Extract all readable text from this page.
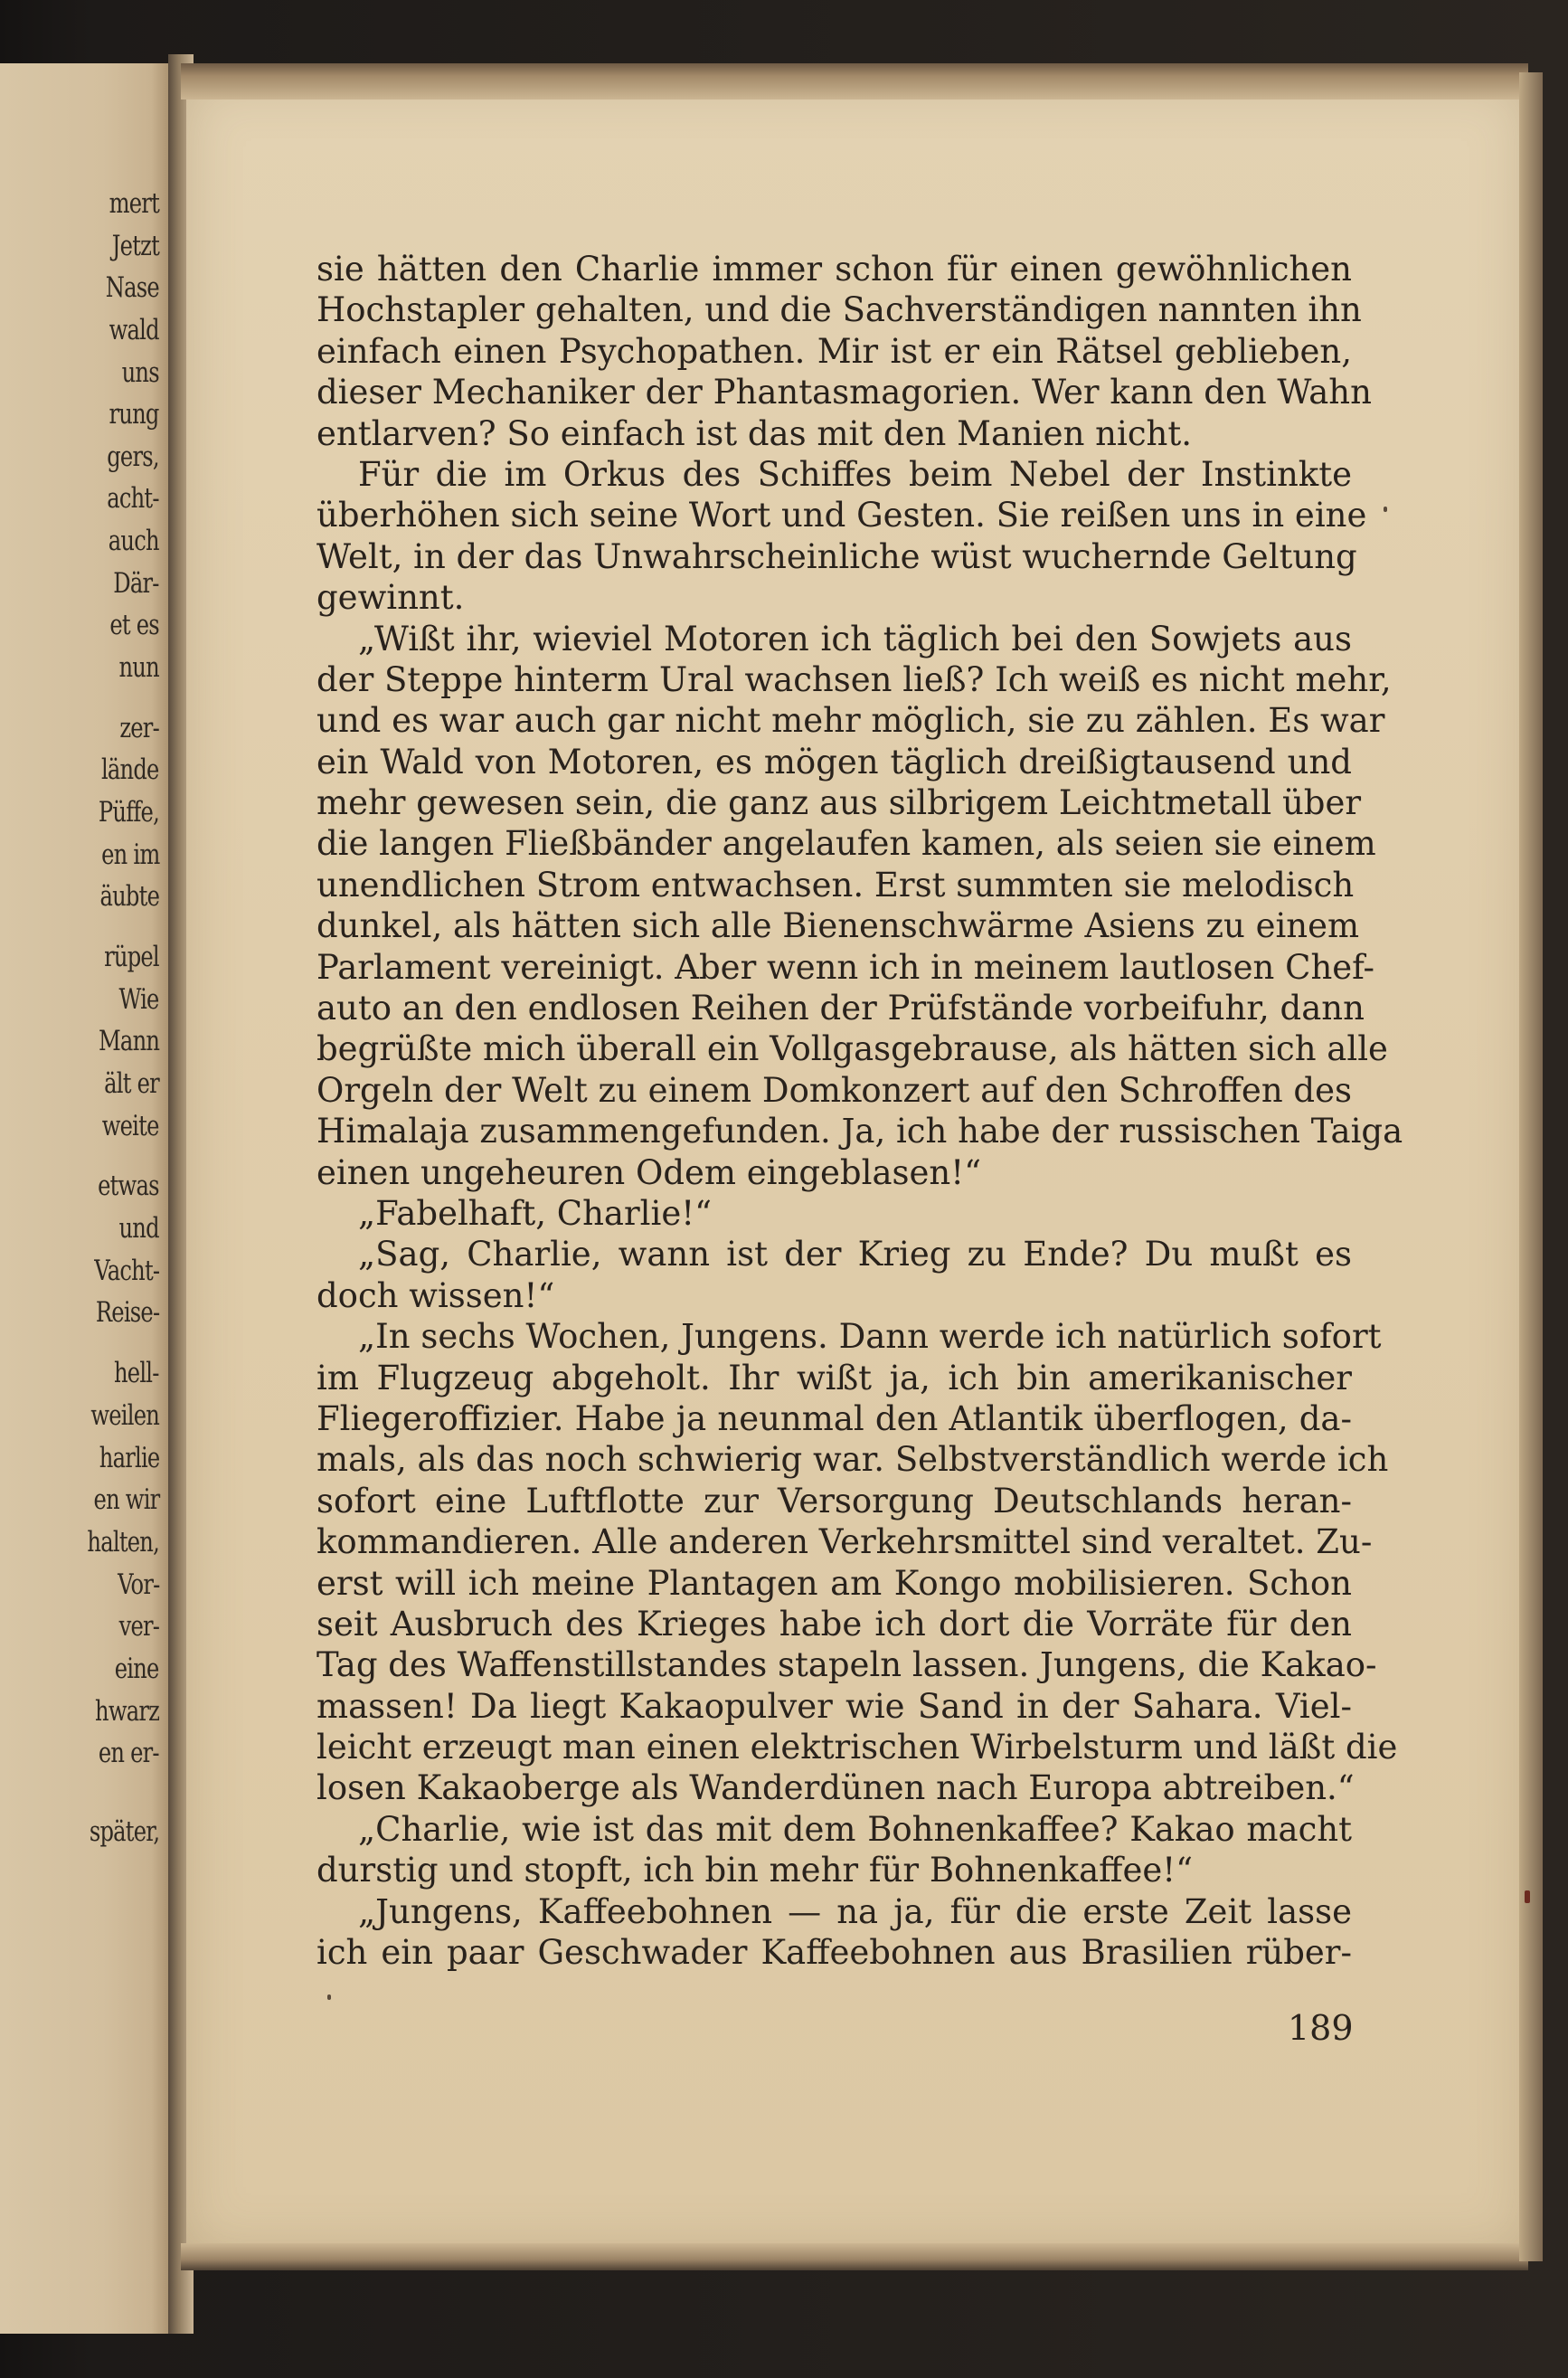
mert
Jetzt
Nase
wald
uns
rung
gers,
acht-
auch
Där-
et es
nun
zer-
lände
Püffe,
en im
äubte
rüpel
Wie
Mann
ält er
weite
etwas
und
Vacht-
Reise-
hell-
weilen
harlie
en wir
halten,
Vor-
ver-
eine
hwarz
en er-
später,
sie hätten den Charlie immer schon für einen gewöhnlichen
Hochstapler gehalten, und die Sachverständigen nannten ihn
einfach einen Psychopathen. Mir ist er ein Rätsel geblieben,
dieser Mechaniker der Phantasmagorien. Wer kann den Wahn
entlarven? So einfach ist das mit den Manien nicht.
Für die im Orkus des Schiffes beim Nebel der Instinkte
überhöhen sich seine Wort und Gesten. Sie reißen uns in eine
Welt, in der das Unwahrscheinliche wüst wuchernde Geltung
gewinnt.
„Wißt ihr, wieviel Motoren ich täglich bei den Sowjets aus
der Steppe hinterm Ural wachsen ließ? Ich weiß es nicht mehr,
und es war auch gar nicht mehr möglich, sie zu zählen. Es war
ein Wald von Motoren, es mögen täglich dreißigtausend und
mehr gewesen sein, die ganz aus silbrigem Leichtmetall über
die langen Fließbänder angelaufen kamen, als seien sie einem
unendlichen Strom entwachsen. Erst summten sie melodisch
dunkel, als hätten sich alle Bienenschwärme Asiens zu einem
Parlament vereinigt. Aber wenn ich in meinem lautlosen Chef-
auto an den endlosen Reihen der Prüfstände vorbeifuhr, dann
begrüßte mich überall ein Vollgasgebrause, als hätten sich alle
Orgeln der Welt zu einem Domkonzert auf den Schroffen des
Himalaja zusammengefunden. Ja, ich habe der russischen Taiga
einen ungeheuren Odem eingeblasen!“
„Fabelhaft, Charlie!“
„Sag, Charlie, wann ist der Krieg zu Ende? Du mußt es
doch wissen!“
„In sechs Wochen, Jungens. Dann werde ich natürlich sofort
im Flugzeug abgeholt. Ihr wißt ja, ich bin amerikanischer
Fliegeroffizier. Habe ja neunmal den Atlantik überflogen, da-
mals, als das noch schwierig war. Selbstverständlich werde ich
sofort eine Luftflotte zur Versorgung Deutschlands heran-
kommandieren. Alle anderen Verkehrsmittel sind veraltet. Zu-
erst will ich meine Plantagen am Kongo mobilisieren. Schon
seit Ausbruch des Krieges habe ich dort die Vorräte für den
Tag des Waffenstillstandes stapeln lassen. Jungens, die Kakao-
massen! Da liegt Kakaopulver wie Sand in der Sahara. Viel-
leicht erzeugt man einen elektrischen Wirbelsturm und läßt die
losen Kakaoberge als Wanderdünen nach Europa abtreiben.“
„Charlie, wie ist das mit dem Bohnenkaffee? Kakao macht
durstig und stopft, ich bin mehr für Bohnenkaffee!“
„Jungens, Kaffeebohnen — na ja, für die erste Zeit lasse
ich ein paar Geschwader Kaffeebohnen aus Brasilien rüber-
189
